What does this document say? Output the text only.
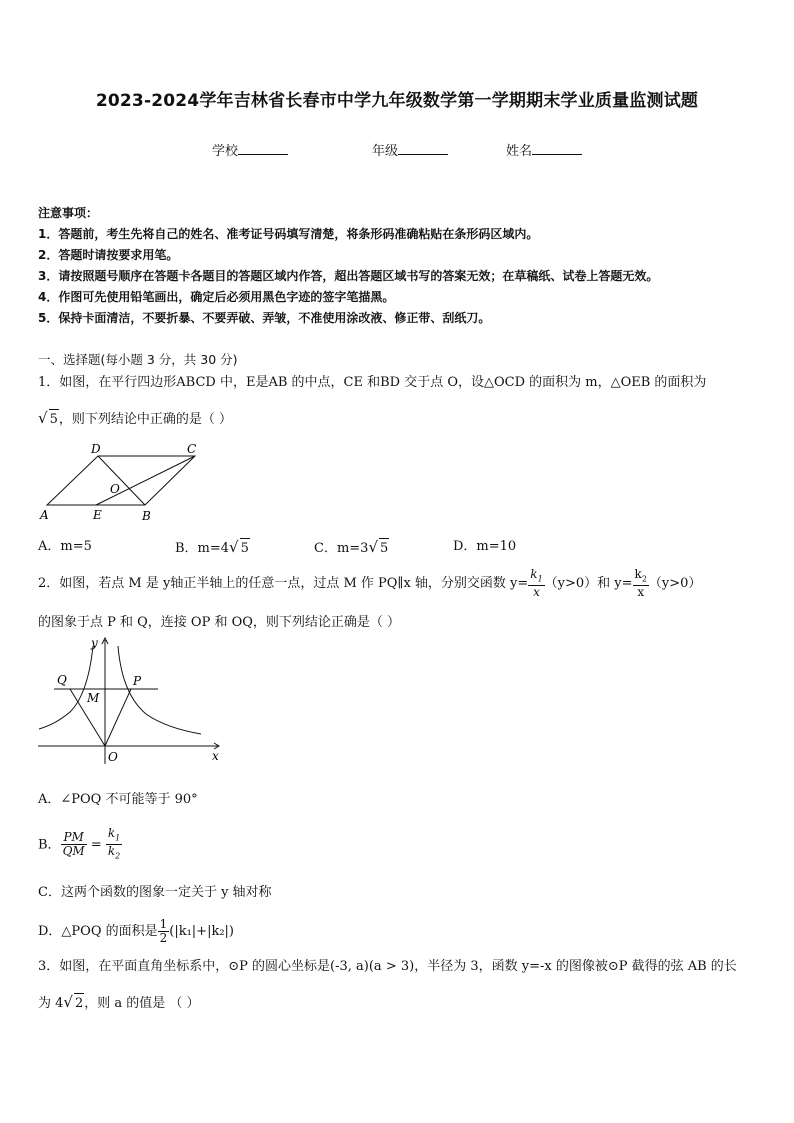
2023-2024学年吉林省长春市中学九年级数学第一学期期末学业质量监测试题
学校	年级	姓名
注意事项：
1．答题前，考生先将自己的姓名、准考证号码填写清楚，将条形码准确粘贴在条形码区域内。
2．答题时请按要求用笔。
3．请按照题号顺序在答题卡各题目的答题区域内作答，超出答题区域书写的答案无效；在草稿纸、试卷上答题无效。
4．作图可先使用铅笔画出，确定后必须用黑色字迹的签字笔描黑。
5．保持卡面清洁，不要折暴、不要弄破、弄皱，不准使用涂改液、修正带、刮纸刀。
一、选择题(每小题 3 分，共 30 分)
1．如图，在平行四边形ABCD 中，E是AB 的中点，CE 和BD 交于点 O，设△OCD 的面积为 m，△OEB 的面积为
√ 5，则下列结论中正确的是（ ）
A	B
C
D
E
O
A．m=5	B．m=4√ 5	C．m=3√ 5	D．m=10
2．如图，若点 M 是 y轴正半轴上的任意一点，过点 M 作 PQ∥x 轴，分别交函数 $y= \frac{k_1}{x} (y>0)$和 $y= \frac{k_2}{x} (y>0)$
的图象于点 P 和 Q，连接 OP 和 OQ，则下列结论正确是（ ）
y
x
Q	P
M
O
A．∠POQ 不可能等于 90°
B． $\frac{PM}{QM} = \frac{k_1}{k_2}$
C．这两个函数的图象一定关于 y 轴对称
D．△POQ 的面积是 $\frac{1}{2} (|k_1|+|k_2|)$
3．如图，在平面直角坐标系中，⊙P 的圆心坐标是(-3, a)(a > 3)，半径为 3，函数 y=-x 的图像被⊙P 截得的弦 AB 的长
为 4√ 2，则 a 的值是 （ ）
